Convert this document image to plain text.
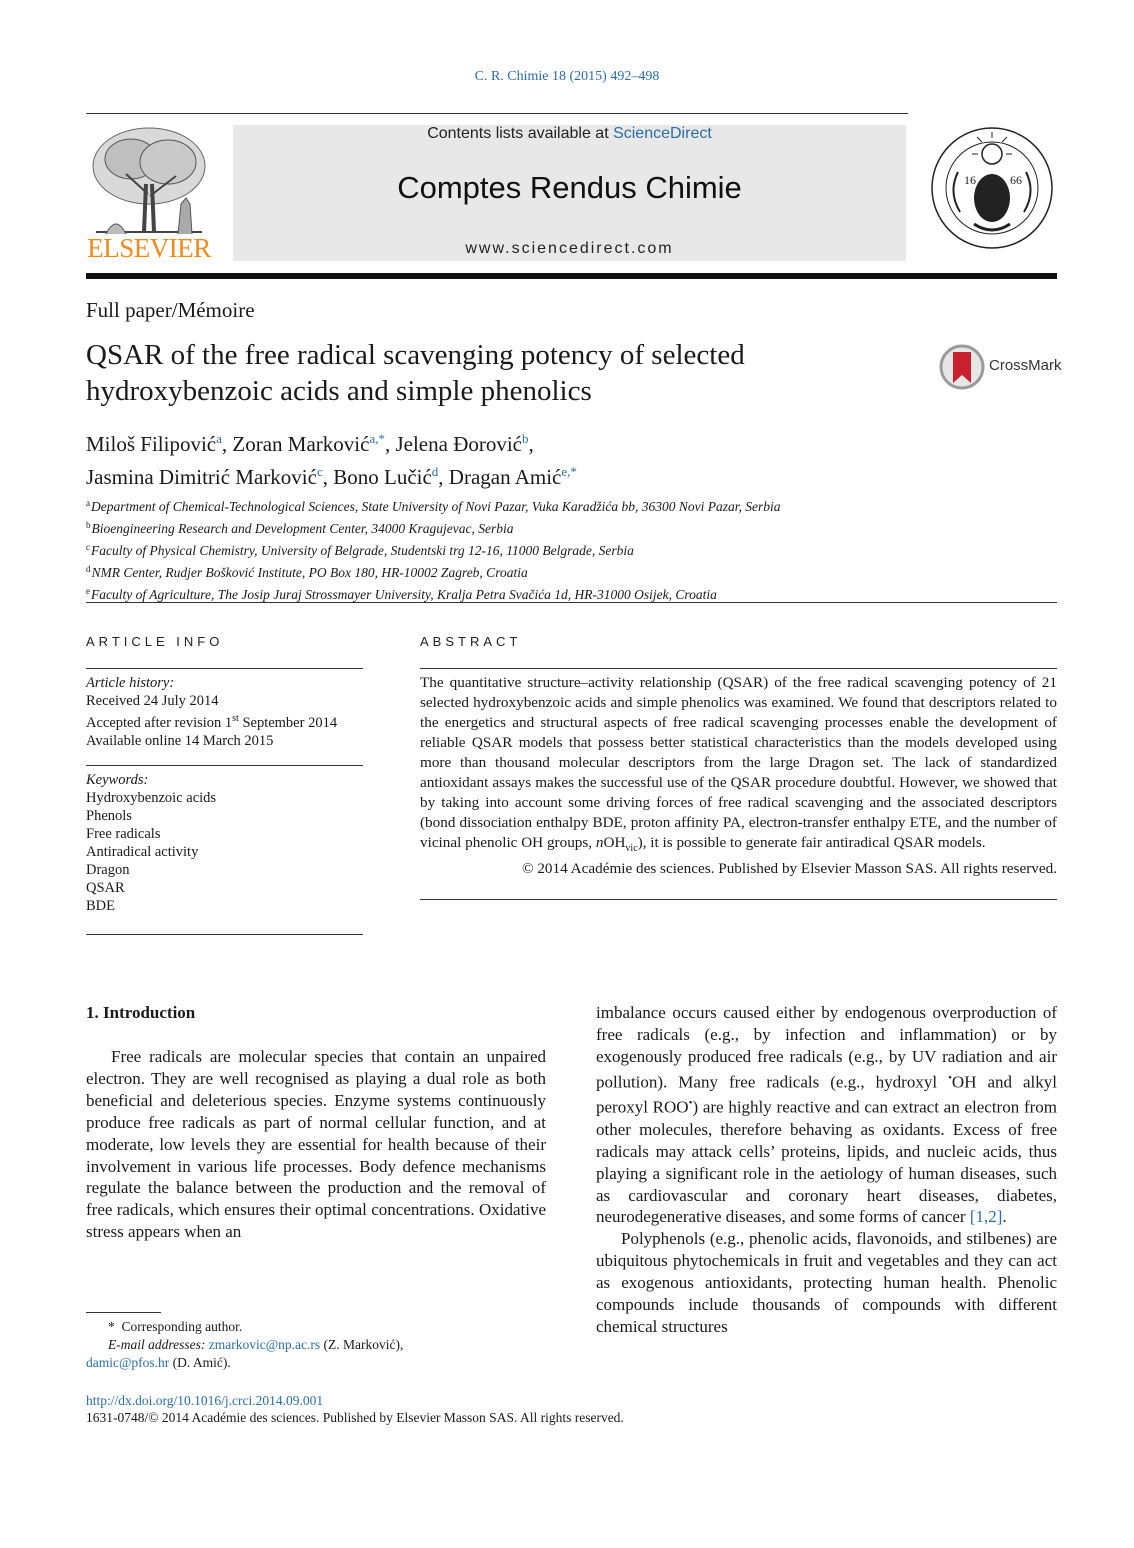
C. R. Chimie 18 (2015) 492–498
ELSEVIER
Contents lists available at ScienceDirect
Comptes Rendus Chimie
www.sciencedirect.com
16	66
Full paper/Mémoire
QSAR of the free radical scavenging potency of selected hydroxybenzoic acids and simple phenolics
CrossMark
Miloš Filipović$^a$, Zoran Marković$^{a,*}$, Jelena Đorović$^b$,
Jasmina Dimitrić Marković$^c$, Bono Lučić$^d$, Dragan Amić$^{e,*}$
$^a$Department of Chemical-Technological Sciences, State University of Novi Pazar, Vuka Karadžića bb, 36300 Novi Pazar, Serbia
$^b$Bioengineering Research and Development Center, 34000 Kragujevac, Serbia
$^c$Faculty of Physical Chemistry, University of Belgrade, Studentski trg 12-16, 11000 Belgrade, Serbia
$^d$NMR Center, Rudjer Bošković Institute, PO Box 180, HR-10002 Zagreb, Croatia
$^e$Faculty of Agriculture, The Josip Juraj Strossmayer University, Kralja Petra Svačića 1d, HR-31000 Osijek, Croatia
ARTICLE INFO	ABSTRACT
Article history:
Received 24 July 2014
Accepted after revision 1st September 2014
Available online 14 March 2015
Keywords:
Hydroxybenzoic acids
Phenols
Free radicals
Antiradical activity
Dragon
QSAR
BDE
The quantitative structure–activity relationship (QSAR) of the free radical scavenging potency of 21 selected hydroxybenzoic acids and simple phenolics was examined. We found that descriptors related to the energetics and structural aspects of free radical scavenging processes enable the development of reliable QSAR models that possess better statistical characteristics than the models developed using more than thousand molecular descriptors from the large Dragon set. The lack of standardized antioxidant assays makes the successful use of the QSAR procedure doubtful. However, we showed that by taking into account some driving forces of free radical scavenging and the associated descriptors (bond dissociation enthalpy BDE, proton affinity PA, electron-transfer enthalpy ETE, and the number of vicinal phenolic OH groups, nOH$_{vic}$), it is possible to generate fair antiradical QSAR models.
© 2014 Académie des sciences. Published by Elsevier Masson SAS. All rights reserved.
1. Introduction

Free radicals are molecular species that contain an unpaired electron. They are well recognised as playing a dual role as both beneficial and deleterious species. Enzyme systems continuously produce free radicals as part of normal cellular function, and at moderate, low levels they are essential for health because of their involvement in various life processes. Body defence mechanisms regulate the balance between the production and the removal of free radicals, which ensures their optimal concentrations. Oxidative stress appears when an

imbalance occurs caused either by endogenous overproduction of free radicals (e.g., by infection and inflammation) or by exogenously produced free radicals (e.g., by UV radiation and air pollution). Many free radicals (e.g., hydroxyl •OH and alkyl peroxyl ROO•) are highly reactive and can extract an electron from other molecules, therefore behaving as oxidants. Excess of free radicals may attack cells’ proteins, lipids, and nucleic acids, thus playing a significant role in the aetiology of human diseases, such as cardiovascular and coronary heart diseases, diabetes, neurodegenerative diseases, and some forms of cancer [1,2].

Polyphenols (e.g., phenolic acids, flavonoids, and stilbenes) are ubiquitous phytochemicals in fruit and vegetables and they can act as exogenous antioxidants, protecting human health. Phenolic compounds include thousands of compounds with different chemical structures

* Corresponding author.
E-mail addresses: zmarkovic@np.ac.rs (Z. Marković),
damic@pfos.hr (D. Amić).
http://dx.doi.org/10.1016/j.crci.2014.09.001
1631-0748/© 2014 Académie des sciences. Published by Elsevier Masson SAS. All rights reserved.
